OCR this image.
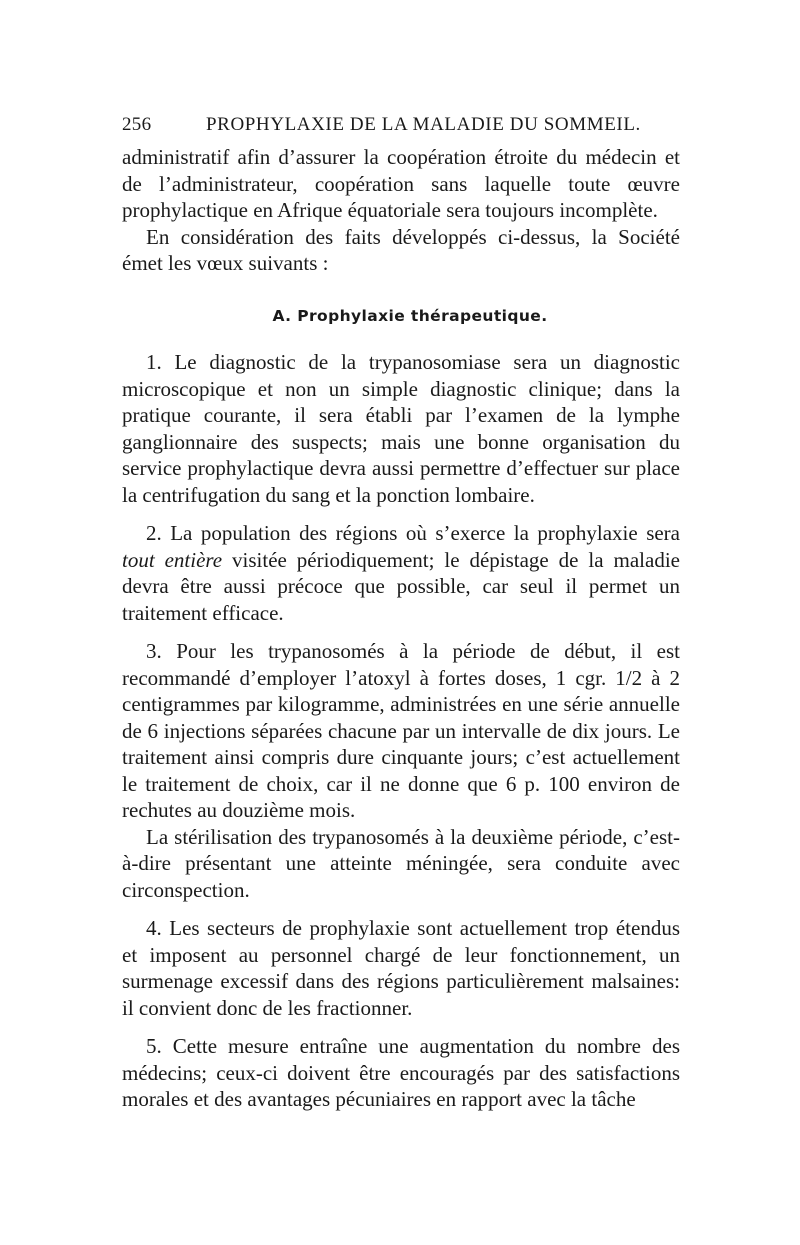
256	PROPHYLAXIE DE LA MALADIE DU SOMMEIL.

administratif afin d’assurer la coopération étroite du médecin et de l’administrateur, coopération sans laquelle toute œuvre prophylactique en Afrique équatoriale sera toujours incomplète.

En considération des faits développés ci-dessus, la Société émet les vœux suivants :

A. Prophylaxie thérapeutique.

1. Le diagnostic de la trypanosomiase sera un diagnostic microscopique et non un simple diagnostic clinique; dans la pratique courante, il sera établi par l’examen de la lymphe ganglionnaire des suspects; mais une bonne organisation du service prophylactique devra aussi permettre d’effectuer sur place la centrifugation du sang et la ponction lombaire.

2. La population des régions où s’exerce la prophylaxie sera tout entière visitée périodiquement; le dépistage de la maladie devra être aussi précoce que possible, car seul il permet un traitement efficace.

3. Pour les trypanosomés à la période de début, il est recommandé d’employer l’atoxyl à fortes doses, 1 cgr. 1/2 à 2 centigrammes par kilogramme, administrées en une série annuelle de 6 injections séparées chacune par un intervalle de dix jours. Le traitement ainsi compris dure cinquante jours; c’est actuellement le traitement de choix, car il ne donne que 6 p. 100 environ de rechutes au douzième mois.

La stérilisation des trypanosomés à la deuxième période, c’est-à-dire présentant une atteinte méningée, sera conduite avec circonspection.

4. Les secteurs de prophylaxie sont actuellement trop étendus et imposent au personnel chargé de leur fonctionnement, un surmenage excessif dans des régions particulièrement malsaines: il convient donc de les fractionner.

5. Cette mesure entraîne une augmentation du nombre des médecins; ceux-ci doivent être encouragés par des satisfactions morales et des avantages pécuniaires en rapport avec la tâche
